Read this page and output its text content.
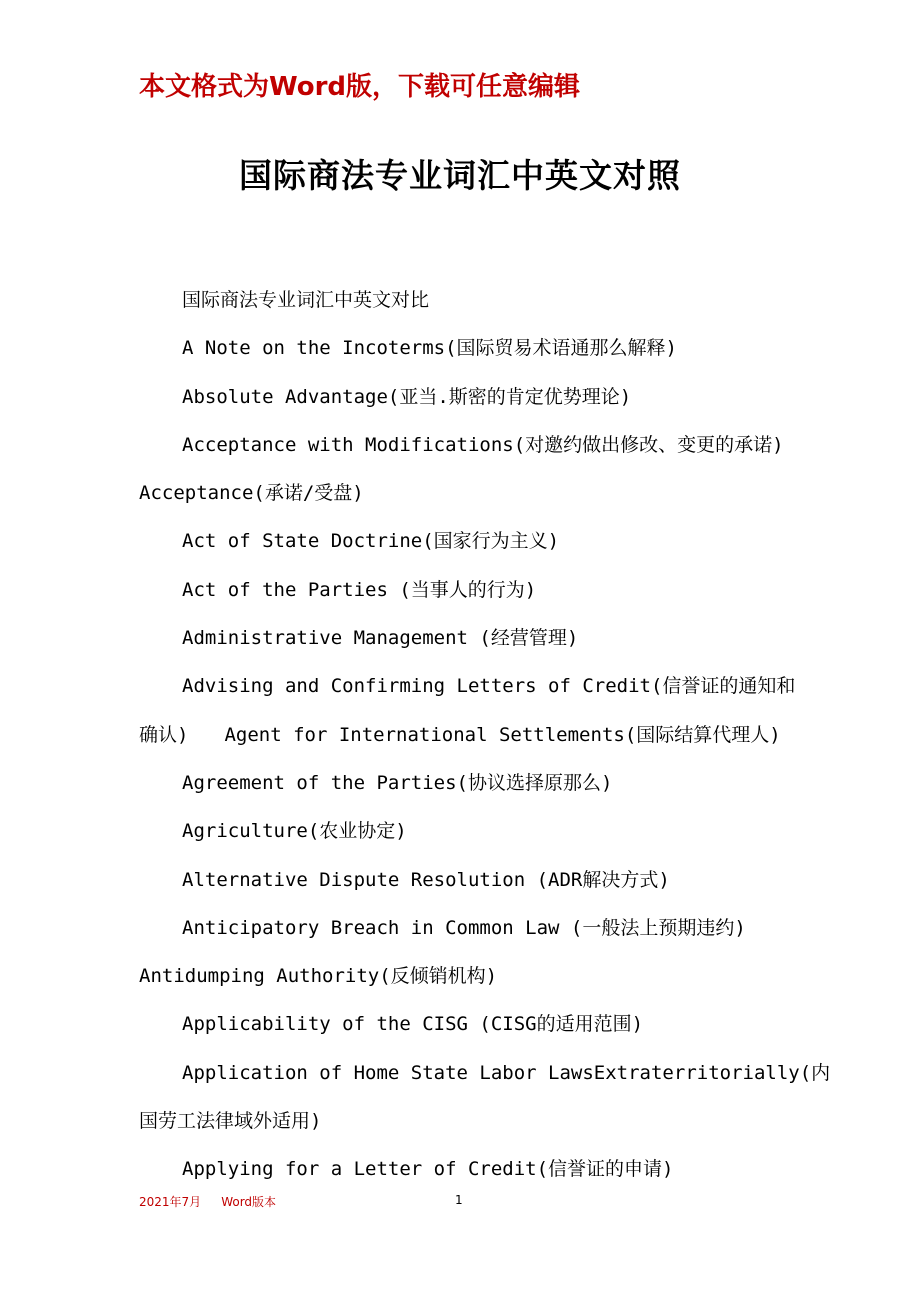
本文格式为Word版，下载可任意编辑
国际商法专业词汇中英文对照
国际商法专业词汇中英文对比
A Note on the Incoterms(国际贸易术语通那么解释)
Absolute Advantage(亚当.斯密的肯定优势理论)
Acceptance with Modifications(对邀约做出修改、变更的承诺)
Acceptance(承诺/受盘)
Act of State Doctrine(国家行为主义)
Act of the Parties (当事人的行为)
Administrative Management (经营管理)
Advising and Confirming Letters of Credit(信誉证的通知和
确认) Agent for International Settlements(国际结算代理人)
Agreement of the Parties(协议选择原那么)
Agriculture(农业协定)
Alternative Dispute Resolution (ADR解决方式)
Anticipatory Breach in Common Law (一般法上预期违约)
Antidumping Authority(反倾销机构)
Applicability of the CISG (CISG的适用范围)
Application of Home State Labor LawsExtraterritorially(内
国劳工法律域外适用)
Applying for a Letter of Credit(信誉证的申请)
2021年7月 Word版本	1
